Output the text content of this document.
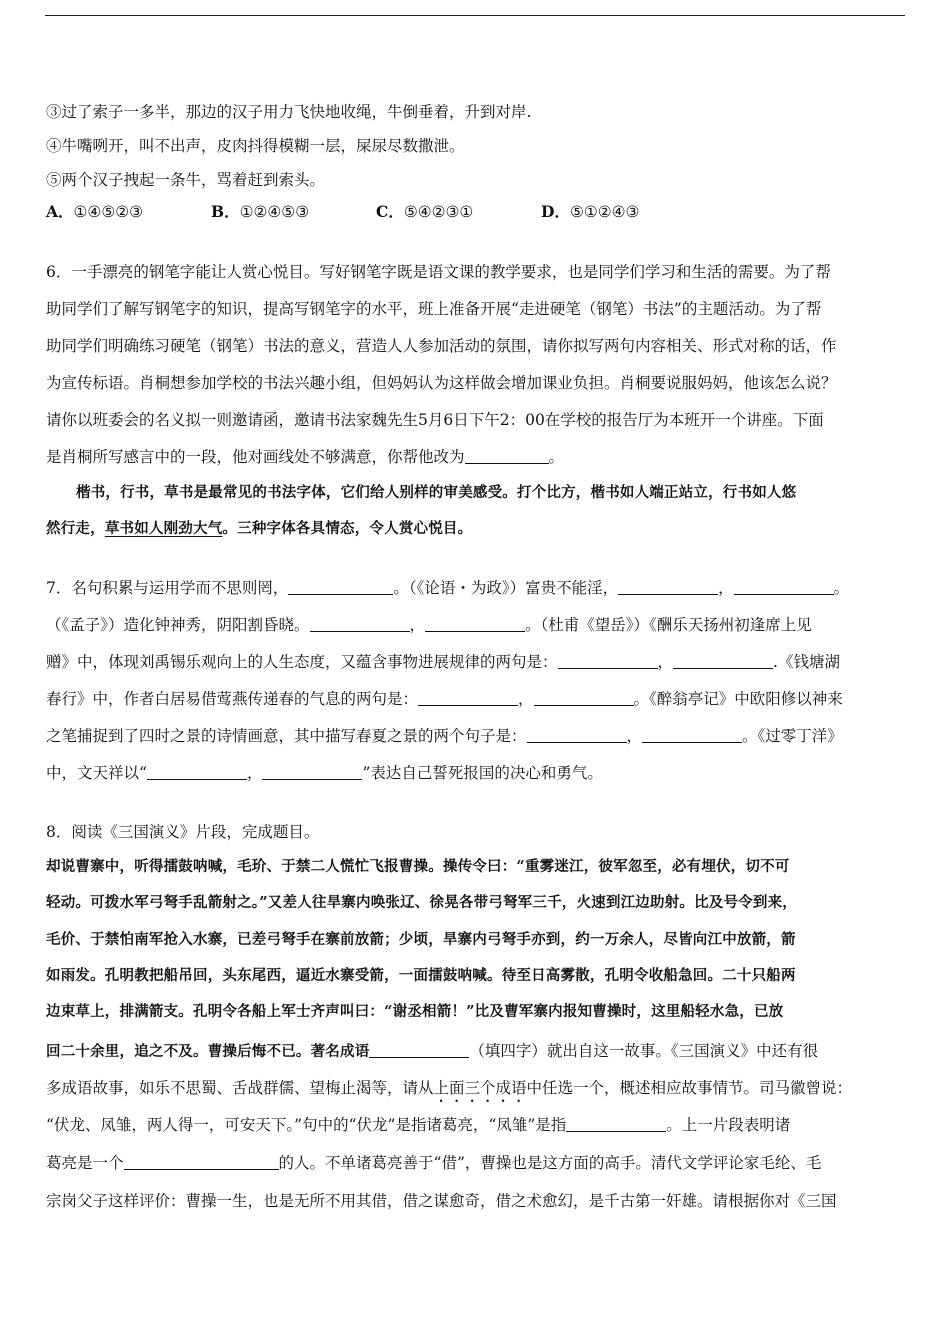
③过了索子一多半，那边的汉子用力飞快地收绳，牛倒垂着，升到对岸.
④牛嘴咧开，叫不出声，皮肉抖得模糊一层，屎尿尽数撒泄。
⑤两个汉子拽起一条牛，骂着赶到索头。
A．①④⑤②③	B．①②④⑤③	C．⑤④②③①	D．⑤①②④③
6．一手漂亮的钢笔字能让人赏心悦目。写好钢笔字既是语文课的教学要求，也是同学们学习和生活的需要。为了帮
助同学们了解写钢笔字的知识，提高写钢笔字的水平，班上准备开展“走进硬笔（钢笔）书法”的主题活动。为了帮
助同学们明确练习硬笔（钢笔）书法的意义，营造人人参加活动的氛围，请你拟写两句内容相关、形式对称的话，作
为宣传标语。肖桐想参加学校的书法兴趣小组，但妈妈认为这样做会增加课业负担。肖桐要说服妈妈，他该怎么说？
请你以班委会的名义拟一则邀请函，邀请书法家魏先生5月6日下午2：00在学校的报告厅为本班开一个讲座。下面
是肖桐所写感言中的一段，他对画线处不够满意，你帮他改为	。
楷书，行书，草书是最常见的书法字体，它们给人别样的审美感受。打个比方，楷书如人端正站立，行书如人悠
然行走，草书如人刚劲大气。三种字体各具情态，令人赏心悦目。
7．名句积累与运用学而不思则罔，	。（《论语・为政》）富贵不能淫，	，	。
（《孟子》）造化钟神秀，阴阳割昏晓。	，	。（杜甫《望岳》）《酬乐天扬州初逢席上见
赠》中，体现刘禹锡乐观向上的人生态度，又蕴含事物进展规律的两句是：	，	.《钱塘湖
春行》中，作者白居易借莺燕传递春的气息的两句是：	，	。《醉翁亭记》中欧阳修以神来
之笔捕捉到了四时之景的诗情画意，其中描写春夏之景的两个句子是：	，	。《过零丁洋》
中，文天祥以“	，	”表达自己誓死报国的决心和勇气。
8．阅读《三国演义》片段，完成题目。
却说曹寨中，听得擂鼓呐喊，毛玠、于禁二人慌忙飞报曹操。操传令曰：“重雾迷江，彼军忽至，必有埋伏，切不可
轻动。可拨水军弓弩手乱箭射之。”又差人往旱寨内唤张辽、徐晃各带弓弩军三千，火速到江边助射。比及号令到来，
毛价、于禁怕南军抢入水寨，已差弓弩手在寨前放箭；少顷，旱寨内弓弩手亦到，约一万余人，尽皆向江中放箭，箭
如雨发。孔明教把船吊回，头东尾西，逼近水寨受箭，一面擂鼓呐喊。待至日高雾散，孔明令收船急回。二十只船两
边束草上，排满箭支。孔明令各船上军士齐声叫曰：“谢丞相箭！”比及曹军寨内报知曹操时，这里船轻水急，已放
回二十余里，追之不及。曹操后悔不已。著名成语	（填四字）就出自这一故事。《三国演义》中还有很
多成语故事，如乐不思蜀、舌战群儒、望梅止渴等，请从上面三个成语中任选一个，概述相应故事情节。司马徽曾说：
“伏龙、凤雏，两人得一，可安天下。”句中的“伏龙”是指诸葛亮，“凤雏”是指	。上一片段表明诸
葛亮是一个	的人。不单诸葛亮善于“借”，曹操也是这方面的高手。清代文学评论家毛纶、毛
宗岗父子这样评价：曹操一生，也是无所不用其借，借之谋愈奇，借之术愈幻，是千古第一奸雄。请根据你对《三国
